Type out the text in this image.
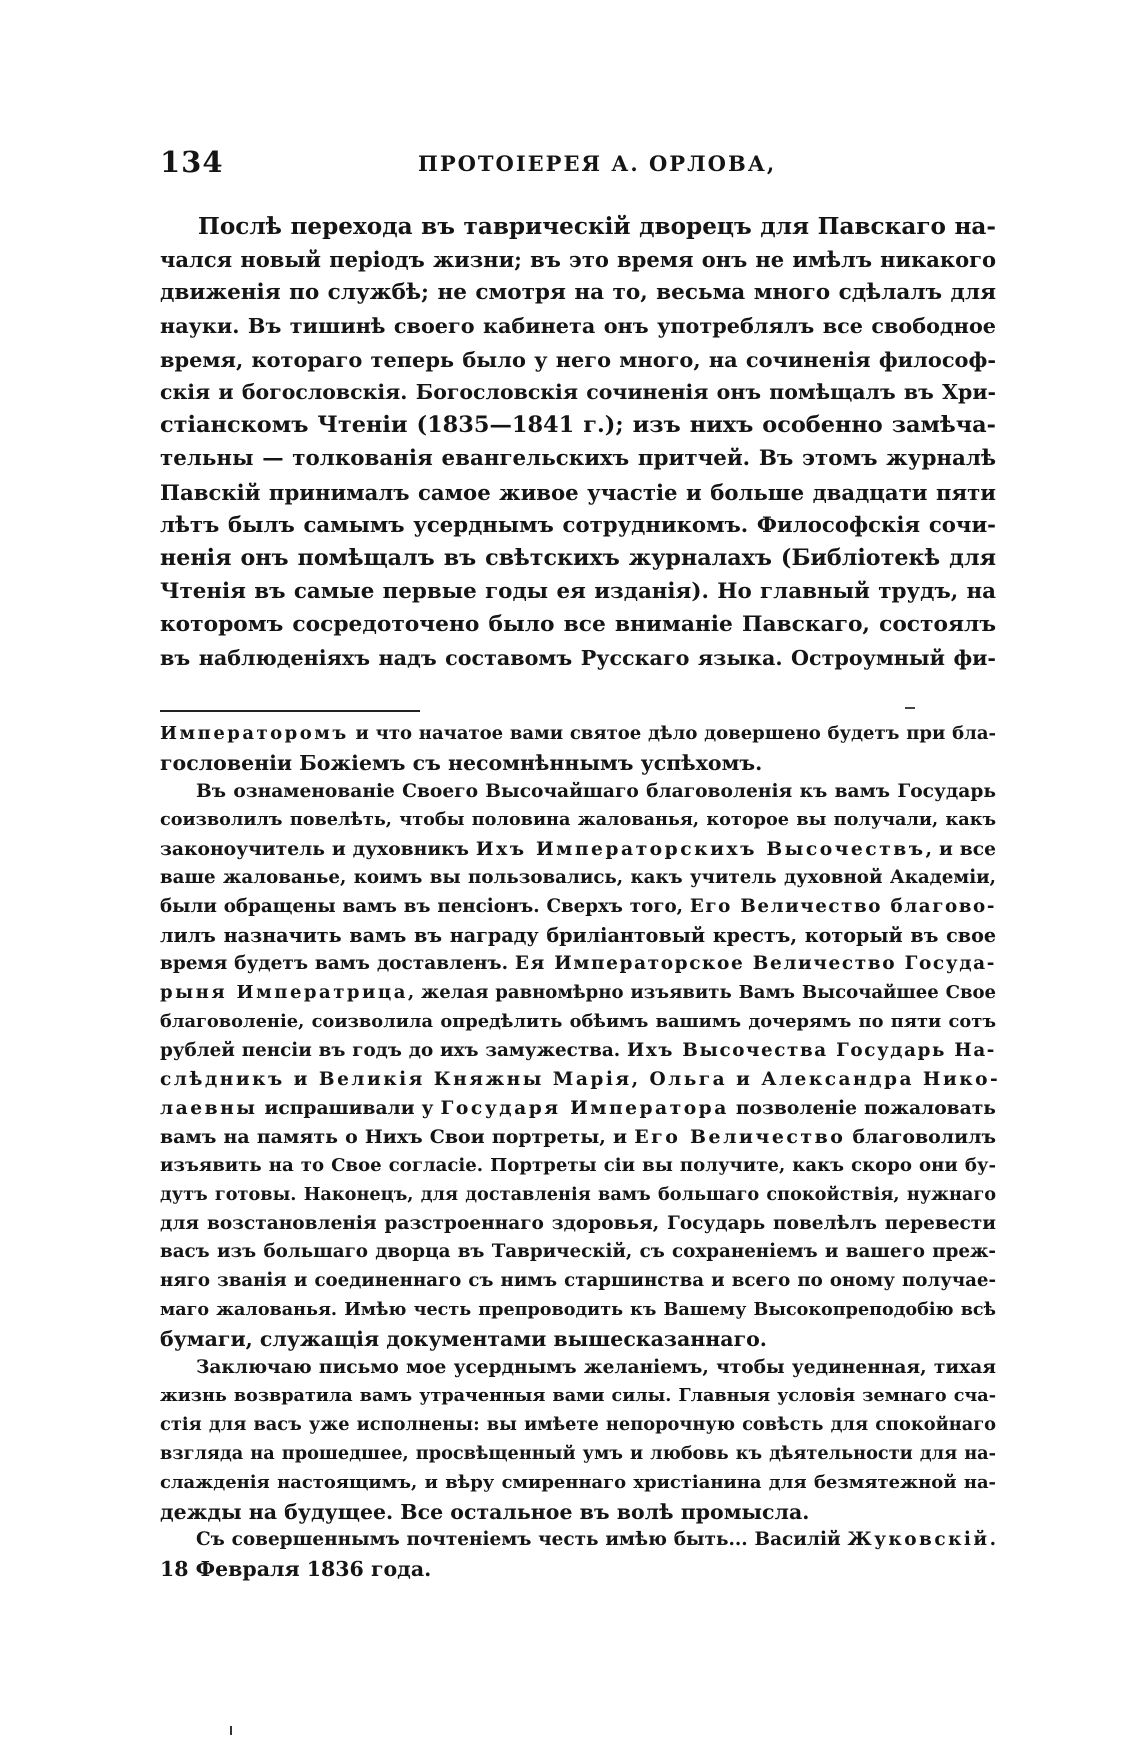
134	ПРОТОІЕРЕЯ А. ОРЛОВА,
Послѣ перехода въ таврическій дворецъ для Павскаго на-
чался новый періодъ жизни; въ это время онъ не имѣлъ никакого
движенія по службѣ; не смотря на то, весьма много сдѣлалъ для
науки. Въ тишинѣ своего кабинета онъ употреблялъ все свободное
время, котораго теперь было у него много, на сочиненія философ-
скія и богословскія. Богословскія сочиненія онъ помѣщалъ въ Хри-
стіанскомъ Чтеніи (1835—1841 г.); изъ нихъ особенно замѣча-
тельны — толкованія евангельскихъ притчей. Въ этомъ журналѣ
Павскій принималъ самое живое участіе и больше двадцати пяти
лѣтъ былъ самымъ усерднымъ сотрудникомъ. Философскія сочи-
ненія онъ помѣщалъ въ свѣтскихъ журналахъ (Библіотекѣ для
Чтенія въ самые первые годы ея изданія). Но главный трудъ, на
которомъ сосредоточено было все вниманіе Павскаго, состоялъ
въ наблюденіяхъ надъ составомъ Русскаго языка. Остроумный фи-
Императоромъ и что начатое вами святое дѣло довершено будетъ при бла-
гословеніи Божіемъ съ несомнѣннымъ успѣхомъ.
Въ ознаменованіе Своего Высочайшаго благоволенія къ вамъ Государь
соизволилъ повелѣть, чтобы половина жалованья, которое вы получали, какъ
законоучитель и духовникъ Ихъ Императорскихъ Высочествъ, и все
ваше жалованье, коимъ вы пользовались, какъ учитель духовной Академіи,
были обращены вамъ въ пенсіонъ. Сверхъ того, Его Величество благово-
лилъ назначить вамъ въ награду бриліантовый крестъ, который въ свое
время будетъ вамъ доставленъ. Ея Императорское Величество Госуда-
рыня Императрица, желая равномѣрно изъявить Вамъ Высочайшее Свое
благоволеніе, соизволила опредѣлить обѣимъ вашимъ дочерямъ по пяти сотъ
рублей пенсіи въ годъ до ихъ замужества. Ихъ Высочества Государь На-
слѣдникъ и Великія Княжны Марія, Ольга и Александра Нико-
лаевны испрашивали у Государя Императора позволеніе пожаловать
вамъ на память о Нихъ Свои портреты, и Его Величество благоволилъ
изъявить на то Свое согласіе. Портреты сіи вы получите, какъ скоро они бу-
дутъ готовы. Наконецъ, для доставленія вамъ большаго спокойствія, нужнаго
для возстановленія разстроеннаго здоровья, Государь повелѣлъ перевести
васъ изъ большаго дворца въ Таврическій, съ сохраненіемъ и вашего преж-
няго званія и соединеннаго съ нимъ старшинства и всего по оному получае-
маго жалованья. Имѣю честь препроводить къ Вашему Высокопреподобію всѣ
бумаги, служащія документами вышесказаннаго.
Заключаю письмо мое усерднымъ желаніемъ, чтобы уединенная, тихая
жизнь возвратила вамъ утраченныя вами силы. Главныя условія земнаго сча-
стія для васъ уже исполнены: вы имѣете непорочную совѣсть для спокойнаго
взгляда на прошедшее, просвѣщенный умъ и любовь къ дѣятельности для на-
слажденія настоящимъ, и вѣру смиреннаго христіанина для безмятежной на-
дежды на будущее. Все остальное въ волѣ промысла.
Съ совершеннымъ почтеніемъ честь имѣю быть... Василій Жуковскій.
18 Февраля 1836 года.
